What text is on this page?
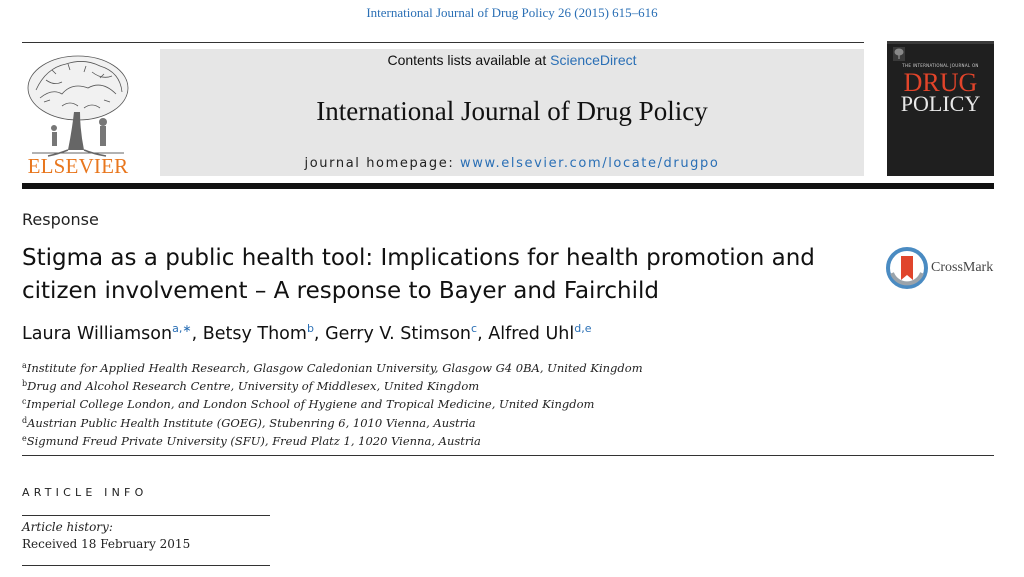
International Journal of Drug Policy 26 (2015) 615–616
ELSEVIER
Contents lists available at ScienceDirect
International Journal of Drug Policy
journal homepage: www.elsevier.com/locate/drugpo
THE INTERNATIONAL JOURNAL ON
DRUG
POLICY
Response
Stigma as a public health tool: Implications for health promotion and citizen involvement – A response to Bayer and Fairchild
CrossMark
Laura Williamson$^{a,∗}$, Betsy Thom$^b$, Gerry V. Stimson$^c$, Alfred Uhl$^{d,e}$
$^a$Institute for Applied Health Research, Glasgow Caledonian University, Glasgow G4 0BA, United Kingdom
$^b$Drug and Alcohol Research Centre, University of Middlesex, United Kingdom
$^c$Imperial College London, and London School of Hygiene and Tropical Medicine, United Kingdom
$^d$Austrian Public Health Institute (GOEG), Stubenring 6, 1010 Vienna, Austria
$^e$Sigmund Freud Private University (SFU), Freud Platz 1, 1020 Vienna, Austria
ARTICLE INFO
Article history:
Received 18 February 2015
